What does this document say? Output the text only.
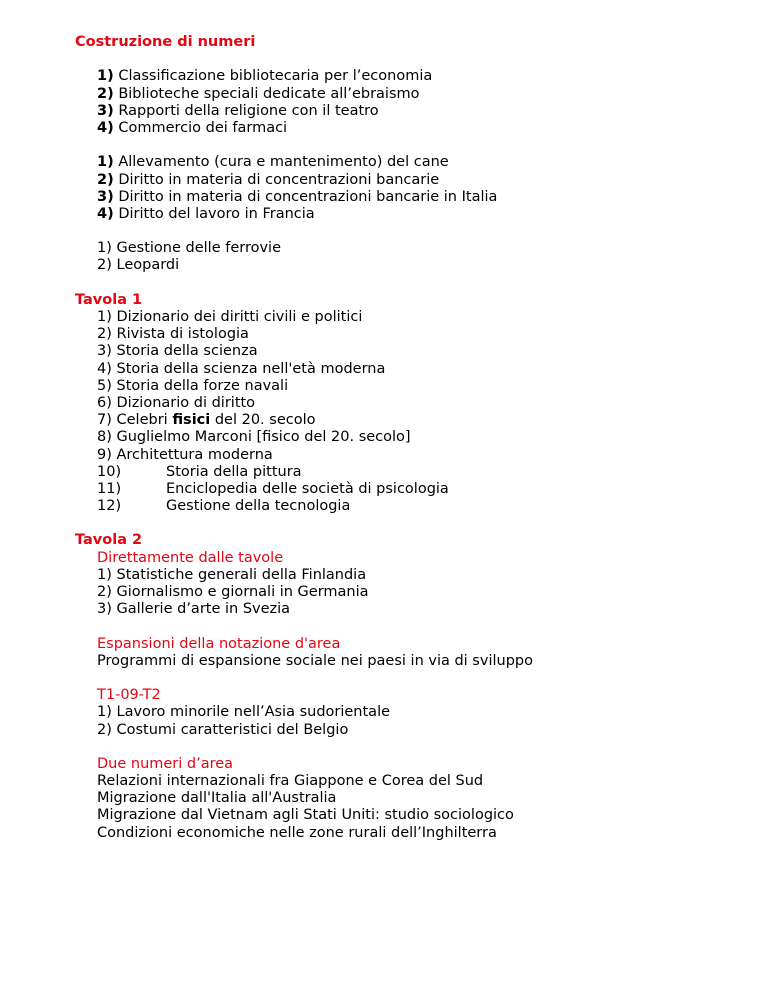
Costruzione di numeri
1) Classificazione bibliotecaria per l’economia
2) Biblioteche speciali dedicate all’ebraismo
3) Rapporti della religione con il teatro
4) Commercio dei farmaci
1) Allevamento (cura e mantenimento) del cane
2) Diritto in materia di concentrazioni bancarie
3) Diritto in materia di concentrazioni bancarie in Italia
4) Diritto del lavoro in Francia
1) Gestione delle ferrovie
2) Leopardi
Tavola 1
1) Dizionario dei diritti civili e politici
2) Rivista di istologia
3) Storia della scienza
4) Storia della scienza nell'età moderna
5) Storia della forze navali
6) Dizionario di diritto
7) Celebri fisici del 20. secolo
8) Guglielmo Marconi [fisico del 20. secolo]
9) Architettura moderna
10)	Storia della pittura
11)	Enciclopedia delle società di psicologia
12)	Gestione della tecnologia
Tavola 2
Direttamente dalle tavole
1) Statistiche generali della Finlandia
2) Giornalismo e giornali in Germania
3) Gallerie d’arte in Svezia
Espansioni della notazione d'area
Programmi di espansione sociale nei paesi in via di sviluppo
T1-09-T2
1) Lavoro minorile nell’Asia sudorientale
2) Costumi caratteristici del Belgio
Due numeri d’area
Relazioni internazionali fra Giappone e Corea del Sud
Migrazione dall'Italia all'Australia
Migrazione dal Vietnam agli Stati Uniti: studio sociologico
Condizioni economiche nelle zone rurali dell’Inghilterra
